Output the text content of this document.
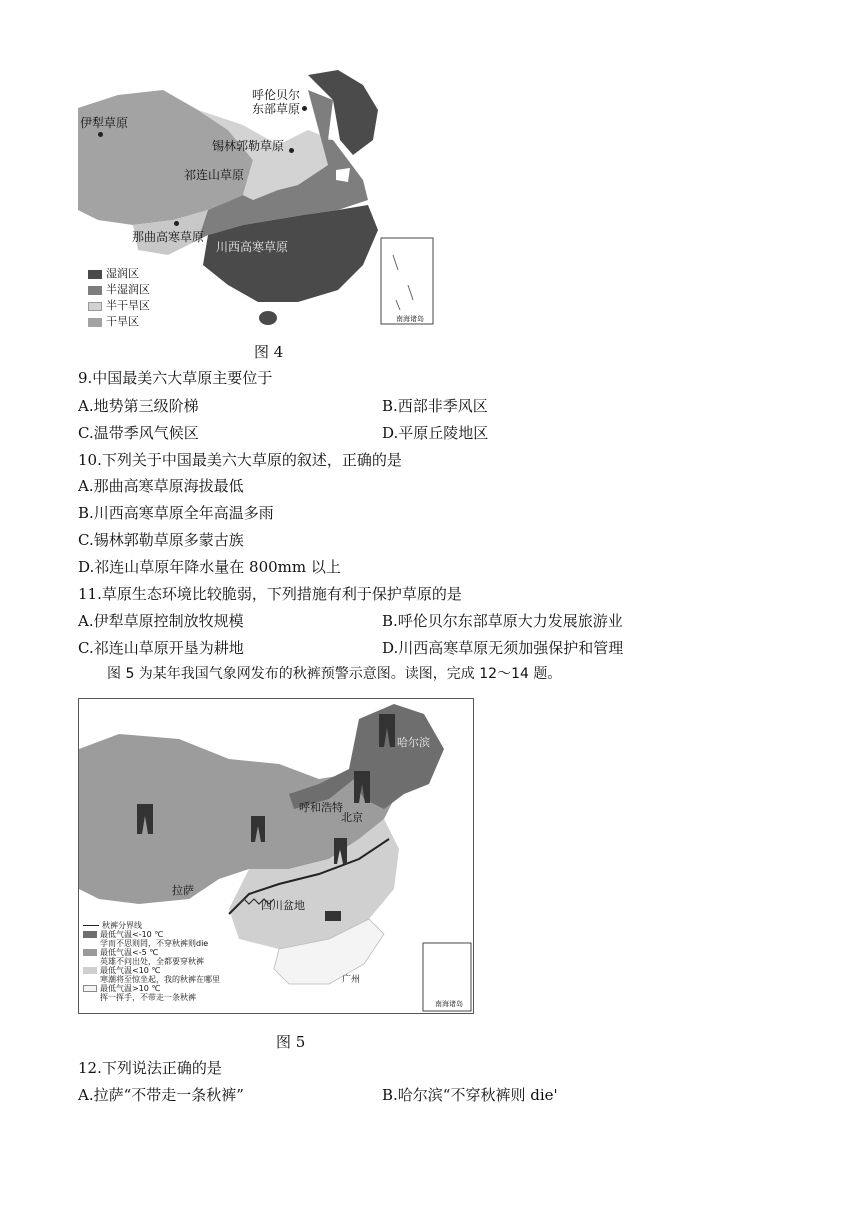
呼伦贝尔
东部草原
伊犁草原
锡林郭勒草原
祁连山草原
那曲高寒草原
川西高寒草原
南海诸岛
湿润区
半湿润区
半干旱区
干旱区
图 4
9.中国最美六大草原主要位于
A.地势第三级阶梯	B.西部非季风区
C.温带季风气候区	D.平原丘陵地区
10.下列关于中国最美六大草原的叙述，正确的是
A.那曲高寒草原海拔最低
B.川西高寒草原全年高温多雨
C.锡林郭勒草原多蒙古族
D.祁连山草原年降水量在 800mm 以上
11.草原生态环境比较脆弱，下列措施有利于保护草原的是
A.伊犁草原控制放牧规模	B.呼伦贝尔东部草原大力发展旅游业
C.祁连山草原开垦为耕地	D.川西高寒草原无须加强保护和管理
图 5 为某年我国气象网发布的秋裤预警示意图。读图，完成 12～14 题。
哈尔滨
呼和浩特
北京
拉萨
四川盆地
广州
南海诸岛
秋裤分界线
最低气温<-10 ℃
学而不思则罔，不穿秋裤则die
最低气温<-5 ℃
英雄不问出处，全都要穿秋裤
最低气温<10 ℃
寒潮将至惊坐起，我的秋裤在哪里
最低气温>10 ℃
挥一挥手，不带走一条秋裤
图 5
12.下列说法正确的是
A.拉萨“不带走一条秋裤”	B.哈尔滨“不穿秋裤则 die'
